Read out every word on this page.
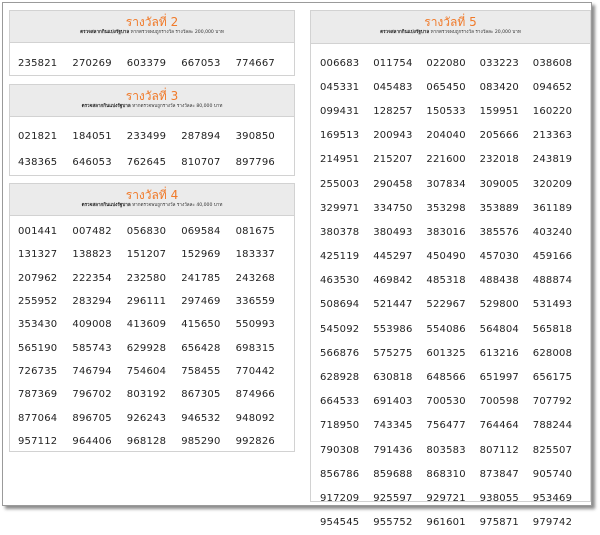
รางวัลที่ 2
ตรวจสลากกินแบ่งรัฐบาล หากตรวจพบถูกรางวัล รางวัลละ 200,000 บาท
235821	270269	603379	667053	774667
รางวัลที่ 3
ตรวจสลากกินแบ่งรัฐบาล หากตรวจพบถูกรางวัล รางวัลละ 80,000 บาท
021821	184051	233499	287894	390850
438365	646053	762645	810707	897796
รางวัลที่ 4
ตรวจสลากกินแบ่งรัฐบาล หากตรวจพบถูกรางวัล รางวัลละ 40,000 บาท
001441	007482	056830	069584	081675
131327	138823	151207	152969	183337
207962	222354	232580	241785	243268
255952	283294	296111	297469	336559
353430	409008	413609	415650	550993
565190	585743	629928	656428	698315
726735	746794	754604	758455	770442
787369	796702	803192	867305	874966
877064	896705	926243	946532	948092
957112	964406	968128	985290	992826
รางวัลที่ 5
ตรวจสลากกินแบ่งรัฐบาล หากตรวจพบถูกรางวัล รางวัลละ 20,000 บาท
006683	011754	022080	033223	038608
045331	045483	065450	083420	094652
099431	128257	150533	159951	160220
169513	200943	204040	205666	213363
214951	215207	221600	232018	243819
255003	290458	307834	309005	320209
329971	334750	353298	353889	361189
380378	380493	383016	385576	403240
425119	445297	450490	457030	459166
463530	469842	485318	488438	488874
508694	521447	522967	529800	531493
545092	553986	554086	564804	565818
566876	575275	601325	613216	628008
628928	630818	648566	651997	656175
664533	691403	700530	700598	707792
718950	743345	756477	764464	788244
790308	791436	803583	807112	825507
856786	859688	868310	873847	905740
917209	925597	929721	938055	953469
954545	955752	961601	975871	979742
